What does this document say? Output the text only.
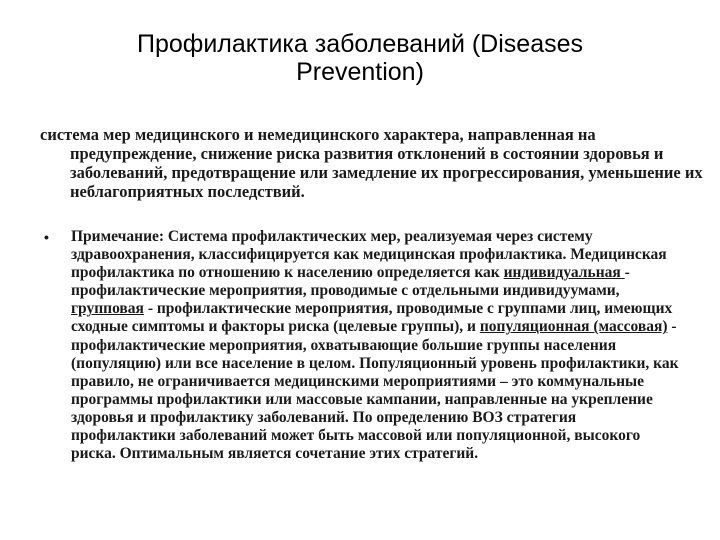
Профилактика заболеваний (Diseases
Prevention)

система мер медицинского и немедицинского характера, направленная на предупреждение, снижение риска развития отклонений в состоянии здоровья и заболеваний, предотвращение или замедление их прогрессирования, уменьшение их неблагоприятных последствий.

• Примечание: Система профилактических мер, реализуемая через систему здравоохранения, классифицируется как медицинская профилактика. Медицинская профилактика по отношению к населению определяется как индивидуальная - профилактические мероприятия, проводимые с отдельными индивидуумами, групповая - профилактические мероприятия, проводимые с группами лиц, имеющих сходные симптомы и факторы риска (целевые группы), и популяционная (массовая) - профилактические мероприятия, охватывающие большие группы населения (популяцию) или все население в целом. Популяционный уровень профилактики, как правило, не ограничивается медицинскими мероприятиями – это коммунальные программы профилактики или массовые кампании, направленные на укрепление здоровья и профилактику заболеваний. По определению ВОЗ стратегия профилактики заболеваний может быть массовой или популяционной, высокого риска. Оптимальным является сочетание этих стратегий.
